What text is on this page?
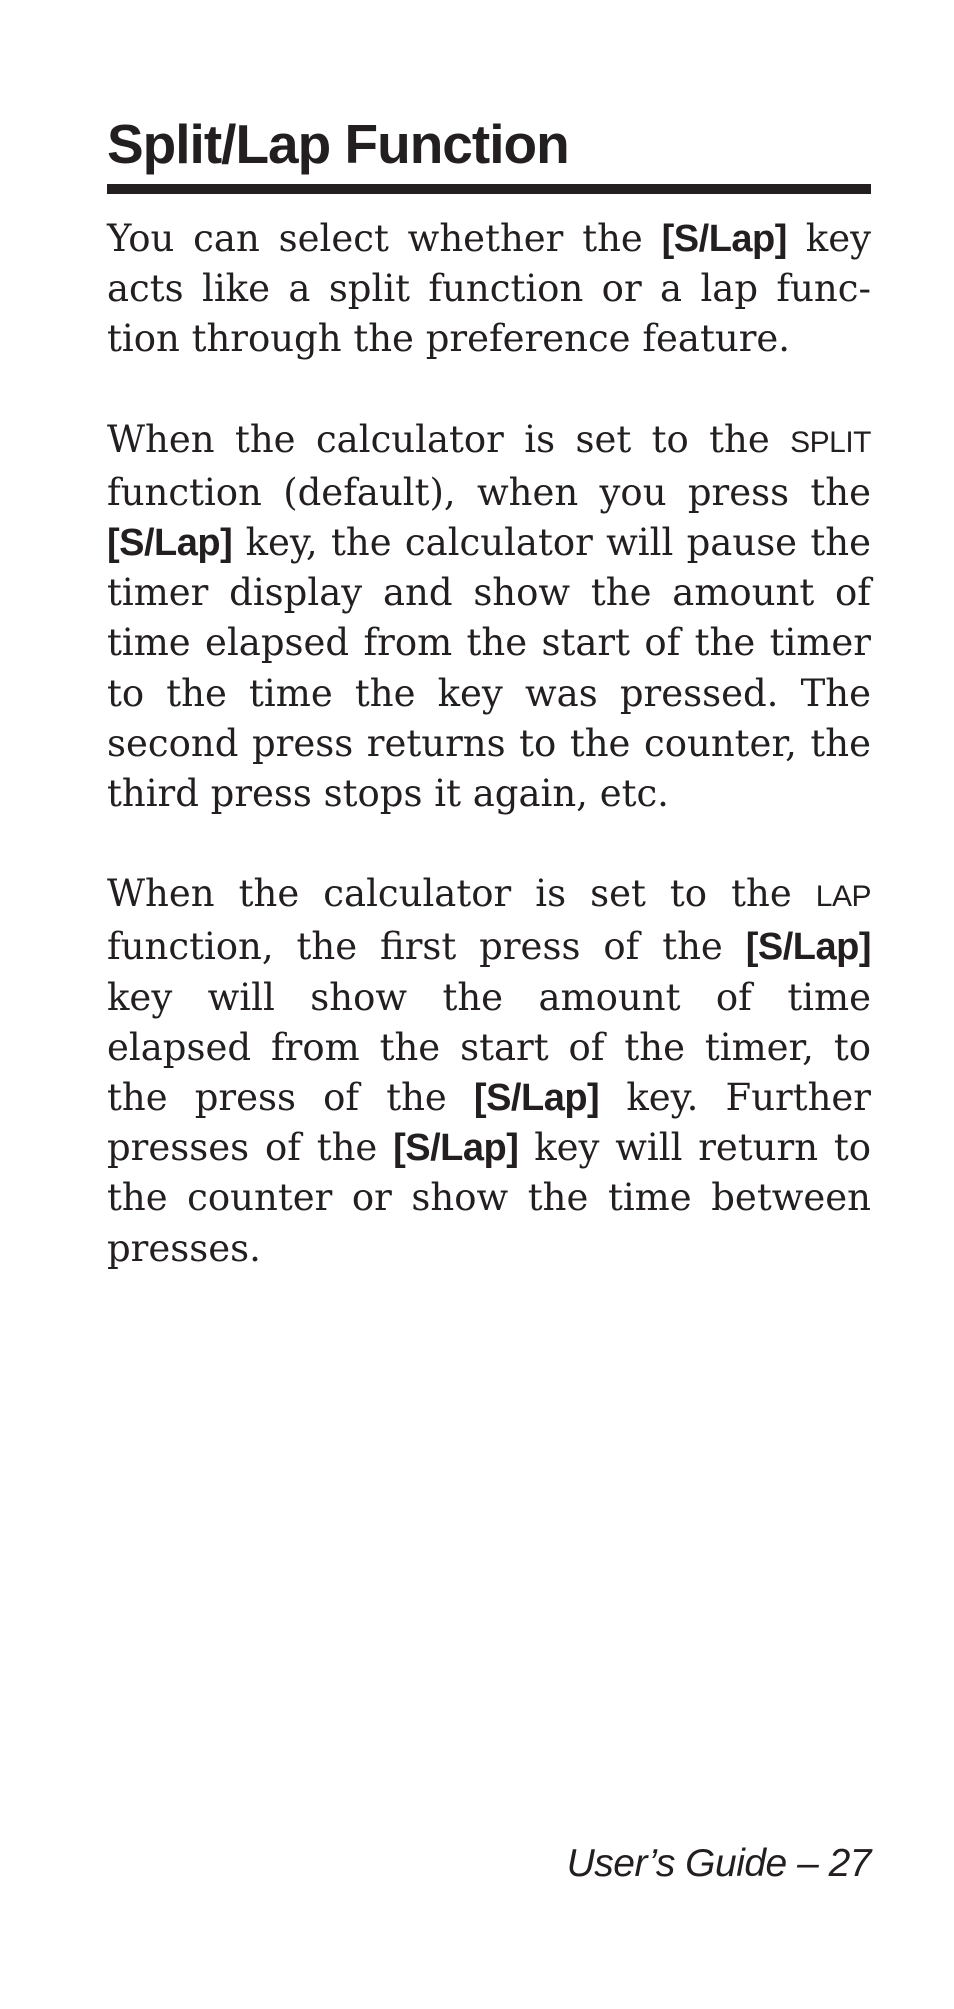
Split/Lap Function

You can select whether the [S/Lap] key acts like a split function or a lap function through the preference feature.

When the calculator is set to the SPLIT function (default), when you press the [S/Lap] key, the calculator will pause the timer display and show the amount of time elapsed from the start of the timer to the time the key was pressed. The second press returns to the counter, the third press stops it again, etc.

When the calculator is set to the LAP function, the first press of the [S/Lap] key will show the amount of time elapsed from the start of the timer, to the press of the [S/Lap] key. Further presses of the [S/Lap] key will return to the counter or show the time between presses.

User’s Guide – 27
